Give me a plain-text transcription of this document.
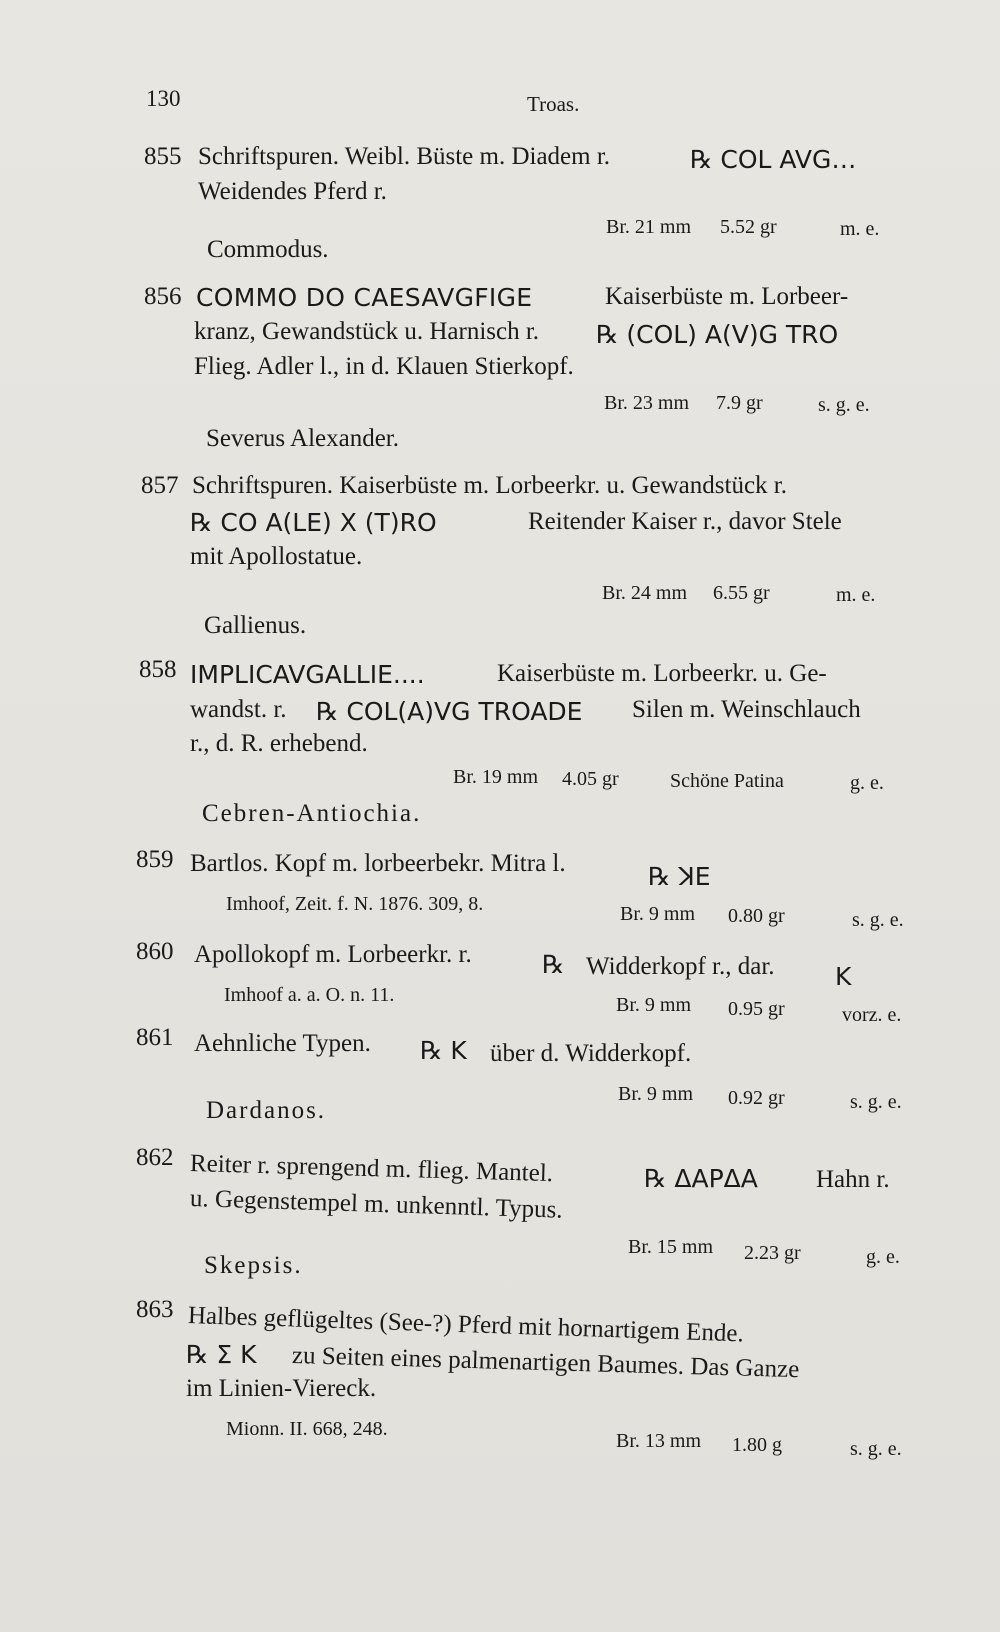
130	Troas.
855 Schriftspuren. Weibl. Büste m. Diadem r.	℞ COL AVG…
Weidendes Pferd r.
Br. 21 mm 5.52 gr	m. e.
Commodus.
856 COMMO DO CAESAVGFIGE	Kaiserbüste m. Lorbeer-
kranz, Gewandstück u. Harnisch r. ℞ (COL) A(V)G TRO
Flieg. Adler l., in d. Klauen Stierkopf.
Br. 23 mm 7.9 gr	s. g. e.
Severus Alexander.
857 Schriftspuren. Kaiserbüste m. Lorbeerkr. u. Gewandstück r.
℞ CO A(LE) X (T)RO	Reitender Kaiser r., davor Stele
mit Apollostatue.
Br. 24 mm 6.55 gr	m. e.
Gallienus.
858 IMPLICAVGALLIE....	Kaiserbüste m. Lorbeerkr. u. Ge-
wandst. r. ℞ COL(A)VG TROADE Silen m. Weinschlauch
r., d. R. erhebend.
Br. 19 mm 4.05 gr	Schöne Patina	g. e.
Cebren-Antiochia.
859 Bartlos. Kopf m. lorbeerbekr. Mitra l.	℞ ꓘE
Imhoof, Zeit. f. N. 1876. 309, 8.	Br. 9 mm 0.80 gr	s. g. e.
860 Apollokopf m. Lorbeerkr. r.	℞ Widderkopf r., dar. K
Imhoof a. a. O. n. 11.	Br. 9 mm 0.95 gr	vorz. e.
861 Aehnliche Typen. ℞ K über d. Widderkopf.
Br. 9 mm 0.92 gr	s. g. e.
Dardanos.
862 Reiter r. sprengend m. flieg. Mantel.	℞ ΔΑΡΔΑ Hahn r.
u. Gegenstempel m. unkenntl. Typus.
Br. 15 mm 2.23 gr	g. e.
Skepsis.
863 Halbes geflügeltes (See-?) Pferd mit hornartigem Ende.
℞ Σ K zu Seiten eines palmenartigen Baumes. Das Ganze
im Linien-Viereck.
Mionn. II. 668, 248.
Br. 13 mm 1.80 g	s. g. e.
